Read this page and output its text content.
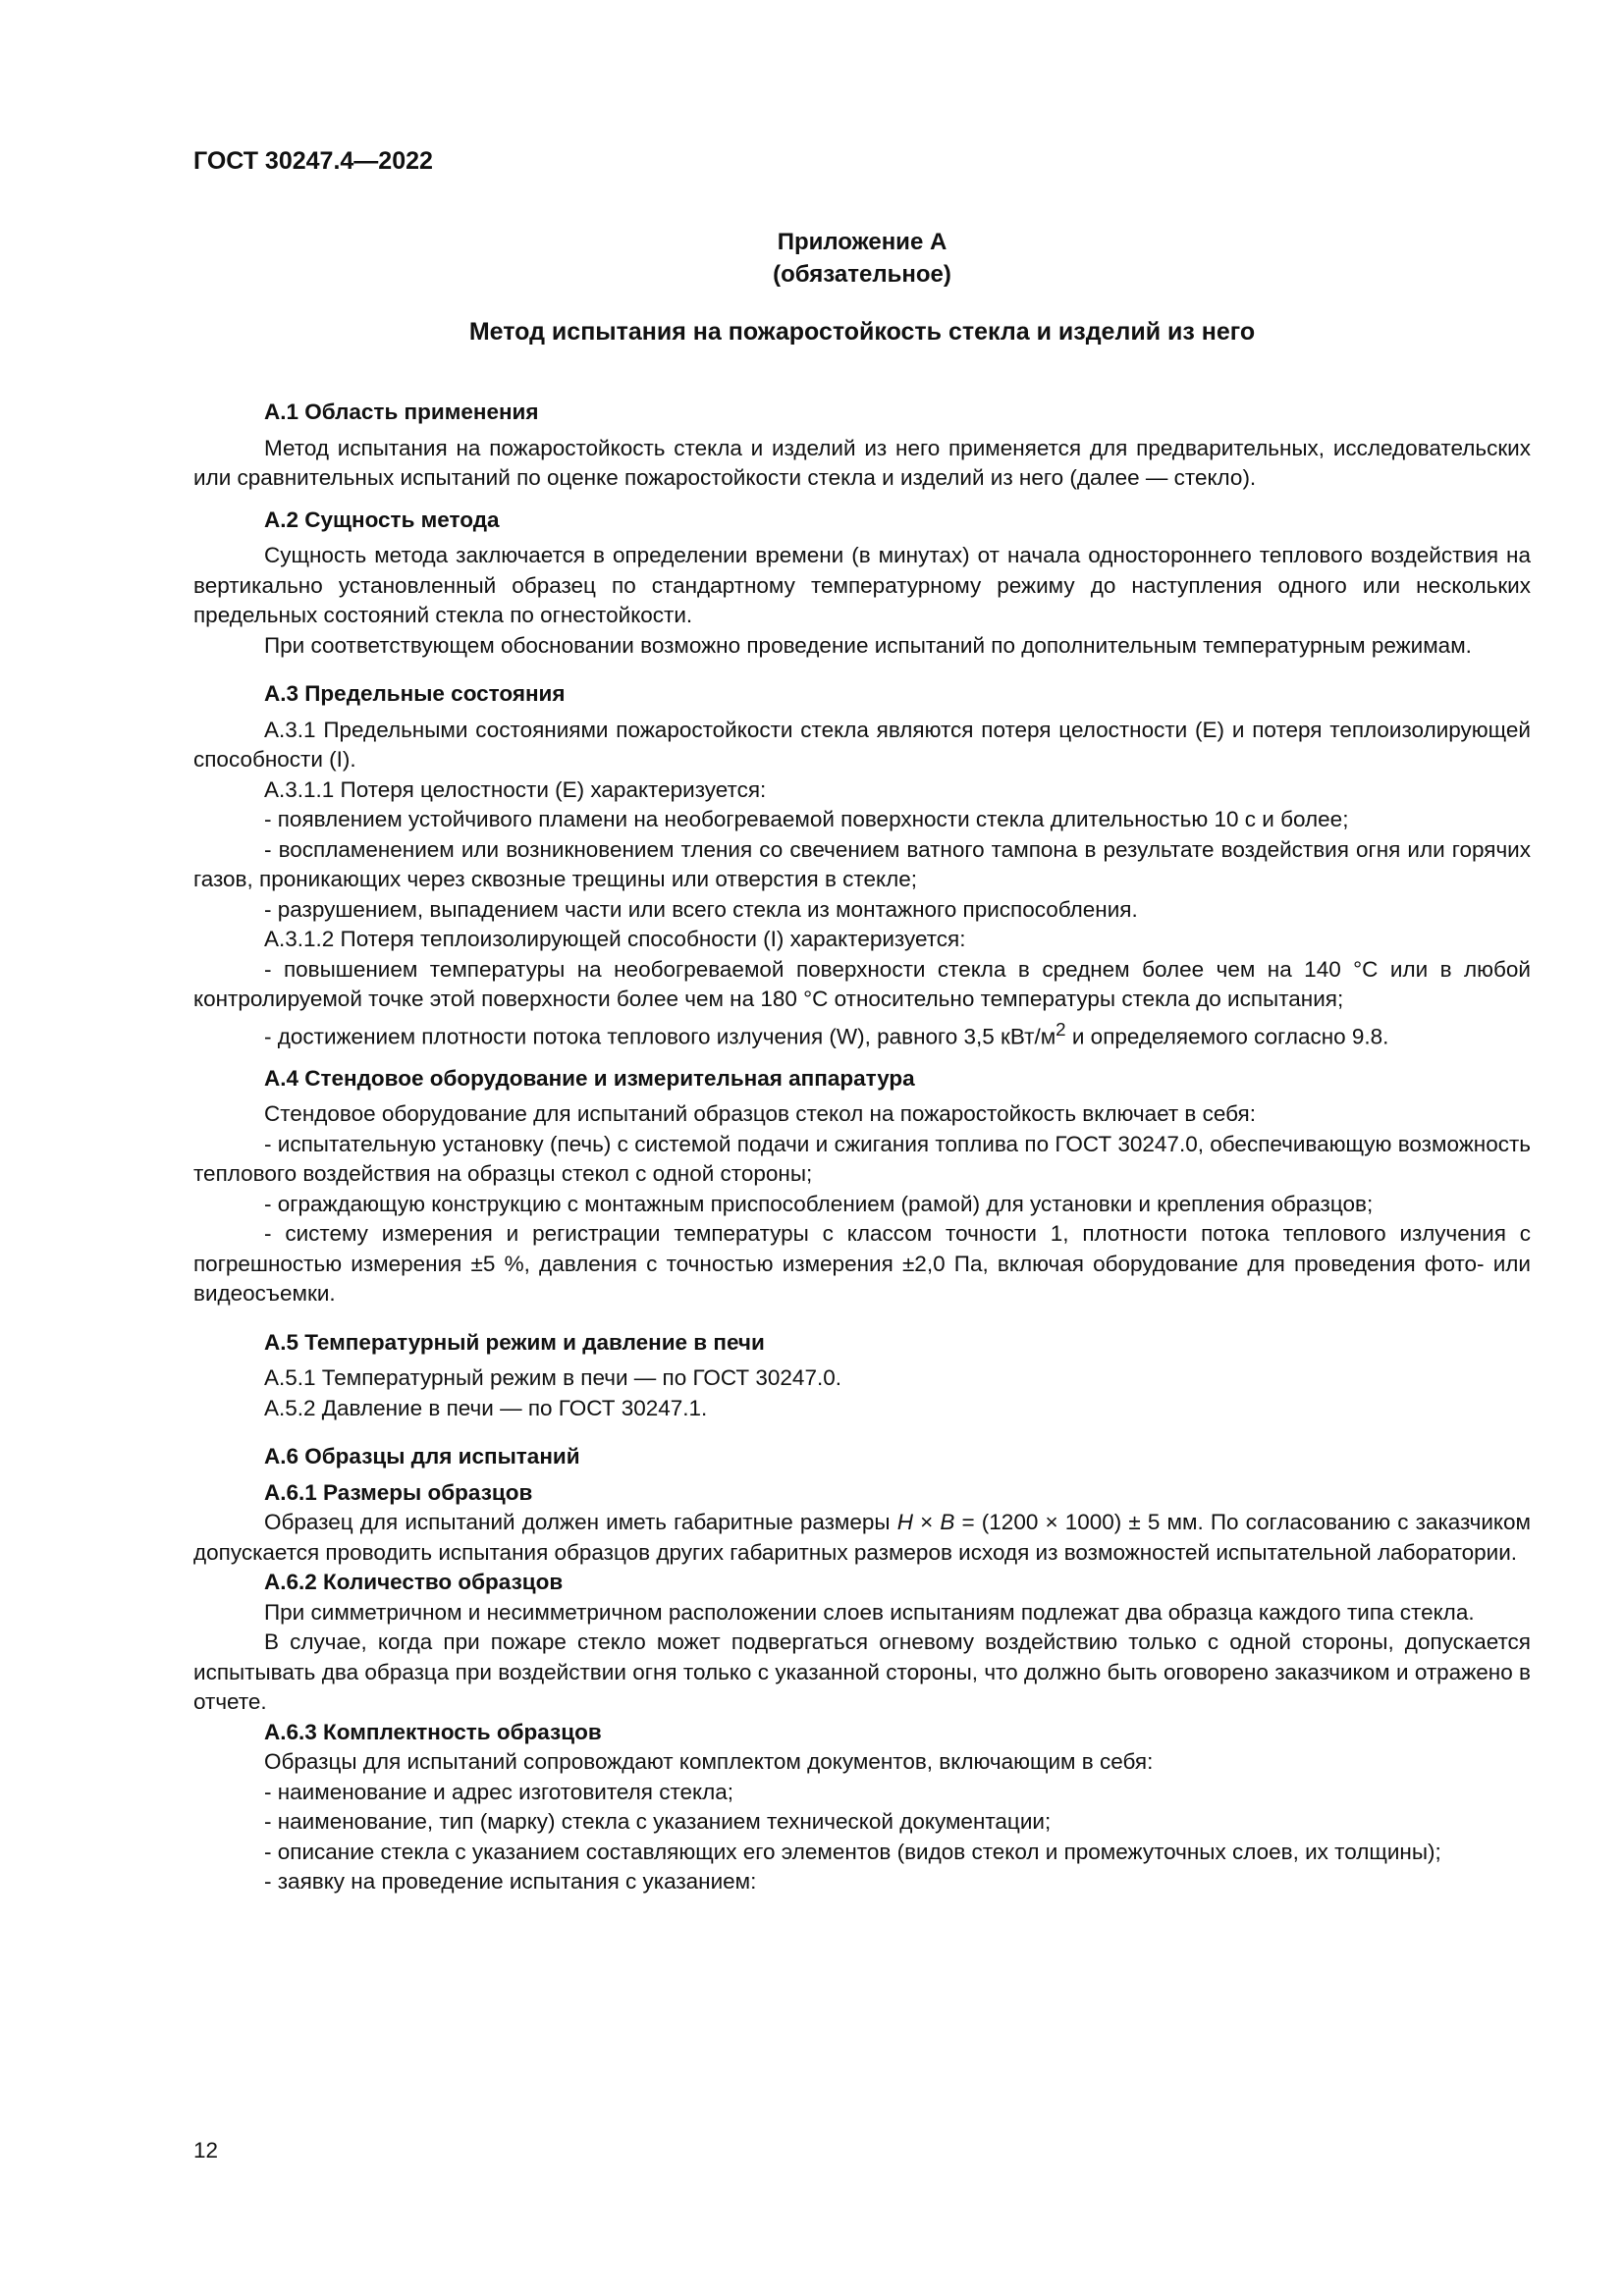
ГОСТ 30247.4—2022
Приложение А
(обязательное)
Метод испытания на пожаростойкость стекла и изделий из него
А.1 Область применения

Метод испытания на пожаростойкость стекла и изделий из него применяется для предварительных, исследовательских или сравнительных испытаний по оценке пожаростойкости стекла и изделий из него (далее — стекло).

А.2 Сущность метода

Сущность метода заключается в определении времени (в минутах) от начала одностороннего теплового воздействия на вертикально установленный образец по стандартному температурному режиму до наступления одного или нескольких предельных состояний стекла по огнестойкости.

При соответствующем обосновании возможно проведение испытаний по дополнительным температурным режимам.

А.3 Предельные состояния

А.3.1 Предельными состояниями пожаростойкости стекла являются потеря целостности (Е) и потеря теплоизолирующей способности (I).

А.3.1.1 Потеря целостности (Е) характеризуется:

- появлением устойчивого пламени на необогреваемой поверхности стекла длительностью 10 с и более;

- воспламенением или возникновением тления со свечением ватного тампона в результате воздействия огня или горячих газов, проникающих через сквозные трещины или отверстия в стекле;

- разрушением, выпадением части или всего стекла из монтажного приспособления.

А.3.1.2 Потеря теплоизолирующей способности (I) характеризуется:

- повышением температуры на необогреваемой поверхности стекла в среднем более чем на 140 °С или в любой контролируемой точке этой поверхности более чем на 180 °С относительно температуры стекла до испытания;

- достижением плотности потока теплового излучения (W), равного 3,5 кВт/$м^2$ и определяемого согласно 9.8.

А.4 Стендовое оборудование и измерительная аппаратура

Стендовое оборудование для испытаний образцов стекол на пожаростойкость включает в себя:

- испытательную установку (печь) с системой подачи и сжигания топлива по ГОСТ 30247.0, обеспечивающую возможность теплового воздействия на образцы стекол с одной стороны;

- ограждающую конструкцию с монтажным приспособлением (рамой) для установки и крепления образцов;

- систему измерения и регистрации температуры с классом точности 1, плотности потока теплового излучения с погрешностью измерения ±5 %, давления с точностью измерения ±2,0 Па, включая оборудование для проведения фото- или видеосъемки.

А.5 Температурный режим и давление в печи

А.5.1 Температурный режим в печи — по ГОСТ 30247.0.

А.5.2 Давление в печи — по ГОСТ 30247.1.

А.6 Образцы для испытаний
А.6.1 Размеры образцов

Образец для испытаний должен иметь габаритные размеры H × B = (1200 × 1000) ± 5 мм. По согласованию с заказчиком допускается проводить испытания образцов других габаритных размеров исходя из возможностей испытательной лаборатории.

А.6.2 Количество образцов

При симметричном и несимметричном расположении слоев испытаниям подлежат два образца каждого типа стекла.

В случае, когда при пожаре стекло может подвергаться огневому воздействию только с одной стороны, допускается испытывать два образца при воздействии огня только с указанной стороны, что должно быть оговорено заказчиком и отражено в отчете.

А.6.3 Комплектность образцов

Образцы для испытаний сопровождают комплектом документов, включающим в себя:

- наименование и адрес изготовителя стекла;

- наименование, тип (марку) стекла с указанием технической документации;

- описание стекла с указанием составляющих его элементов (видов стекол и промежуточных слоев, их толщины);

- заявку на проведение испытания с указанием:

12
